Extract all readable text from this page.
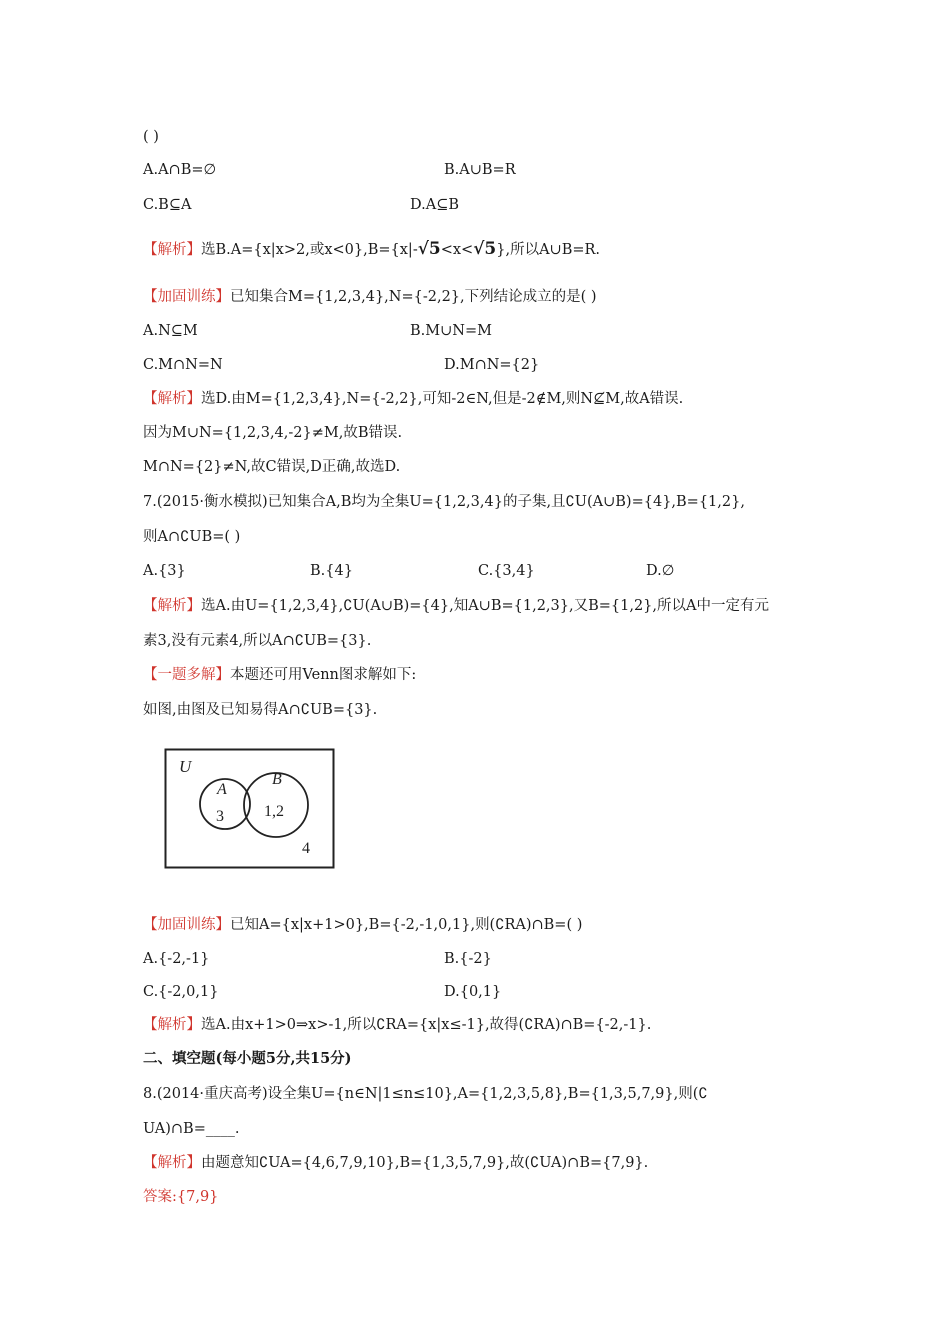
( )
A.A∩B=∅	B.A∪B=R
C.B⊆A	D.A⊆B
【解析】选B.A={x|x>2,或x<0},B={x|-√5<x<√5},所以A∪B=R.
【加固训练】已知集合M={1,2,3,4},N={-2,2},下列结论成立的是( )
A.N⊆M	B.M∪N=M
C.M∩N=N	D.M∩N={2}
【解析】选D.由M={1,2,3,4},N={-2,2},可知-2∈N,但是-2∉M,则N⊈M,故A错误.
因为M∪N={1,2,3,4,-2}≠M,故B错误.
M∩N={2}≠N,故C错误,D正确,故选D.
7.(2015·衡水模拟)已知集合A,B均为全集U={1,2,3,4}的子集,且∁U(A∪B)={4},B={1,2},
则A∩∁UB=( )
A.{3}	B.{4}	C.{3,4}	D.∅
【解析】选A.由U={1,2,3,4},∁U(A∪B)={4},知A∪B={1,2,3},又B={1,2},所以A中一定有元
素3,没有元素4,所以A∩∁UB={3}.
【一题多解】本题还可用Venn图求解如下:
如图,由图及已知易得A∩∁UB={3}.
U
A
B
3	1,2
4
【加固训练】已知A={x|x+1>0},B={-2,-1,0,1},则(∁RA)∩B=( )
A.{-2,-1}	B.{-2}
C.{-2,0,1}	D.{0,1}
【解析】选A.由x+1>0⇒x>-1,所以∁RA={x|x≤-1},故得(∁RA)∩B={-2,-1}.
二、填空题(每小题5分,共15分)
8.(2014·重庆高考)设全集U={n∈N|1≤n≤10},A={1,2,3,5,8},B={1,3,5,7,9},则(∁
UA)∩B=____.
【解析】由题意知∁UA={4,6,7,9,10},B={1,3,5,7,9},故(∁UA)∩B={7,9}.
答案:{7,9}
